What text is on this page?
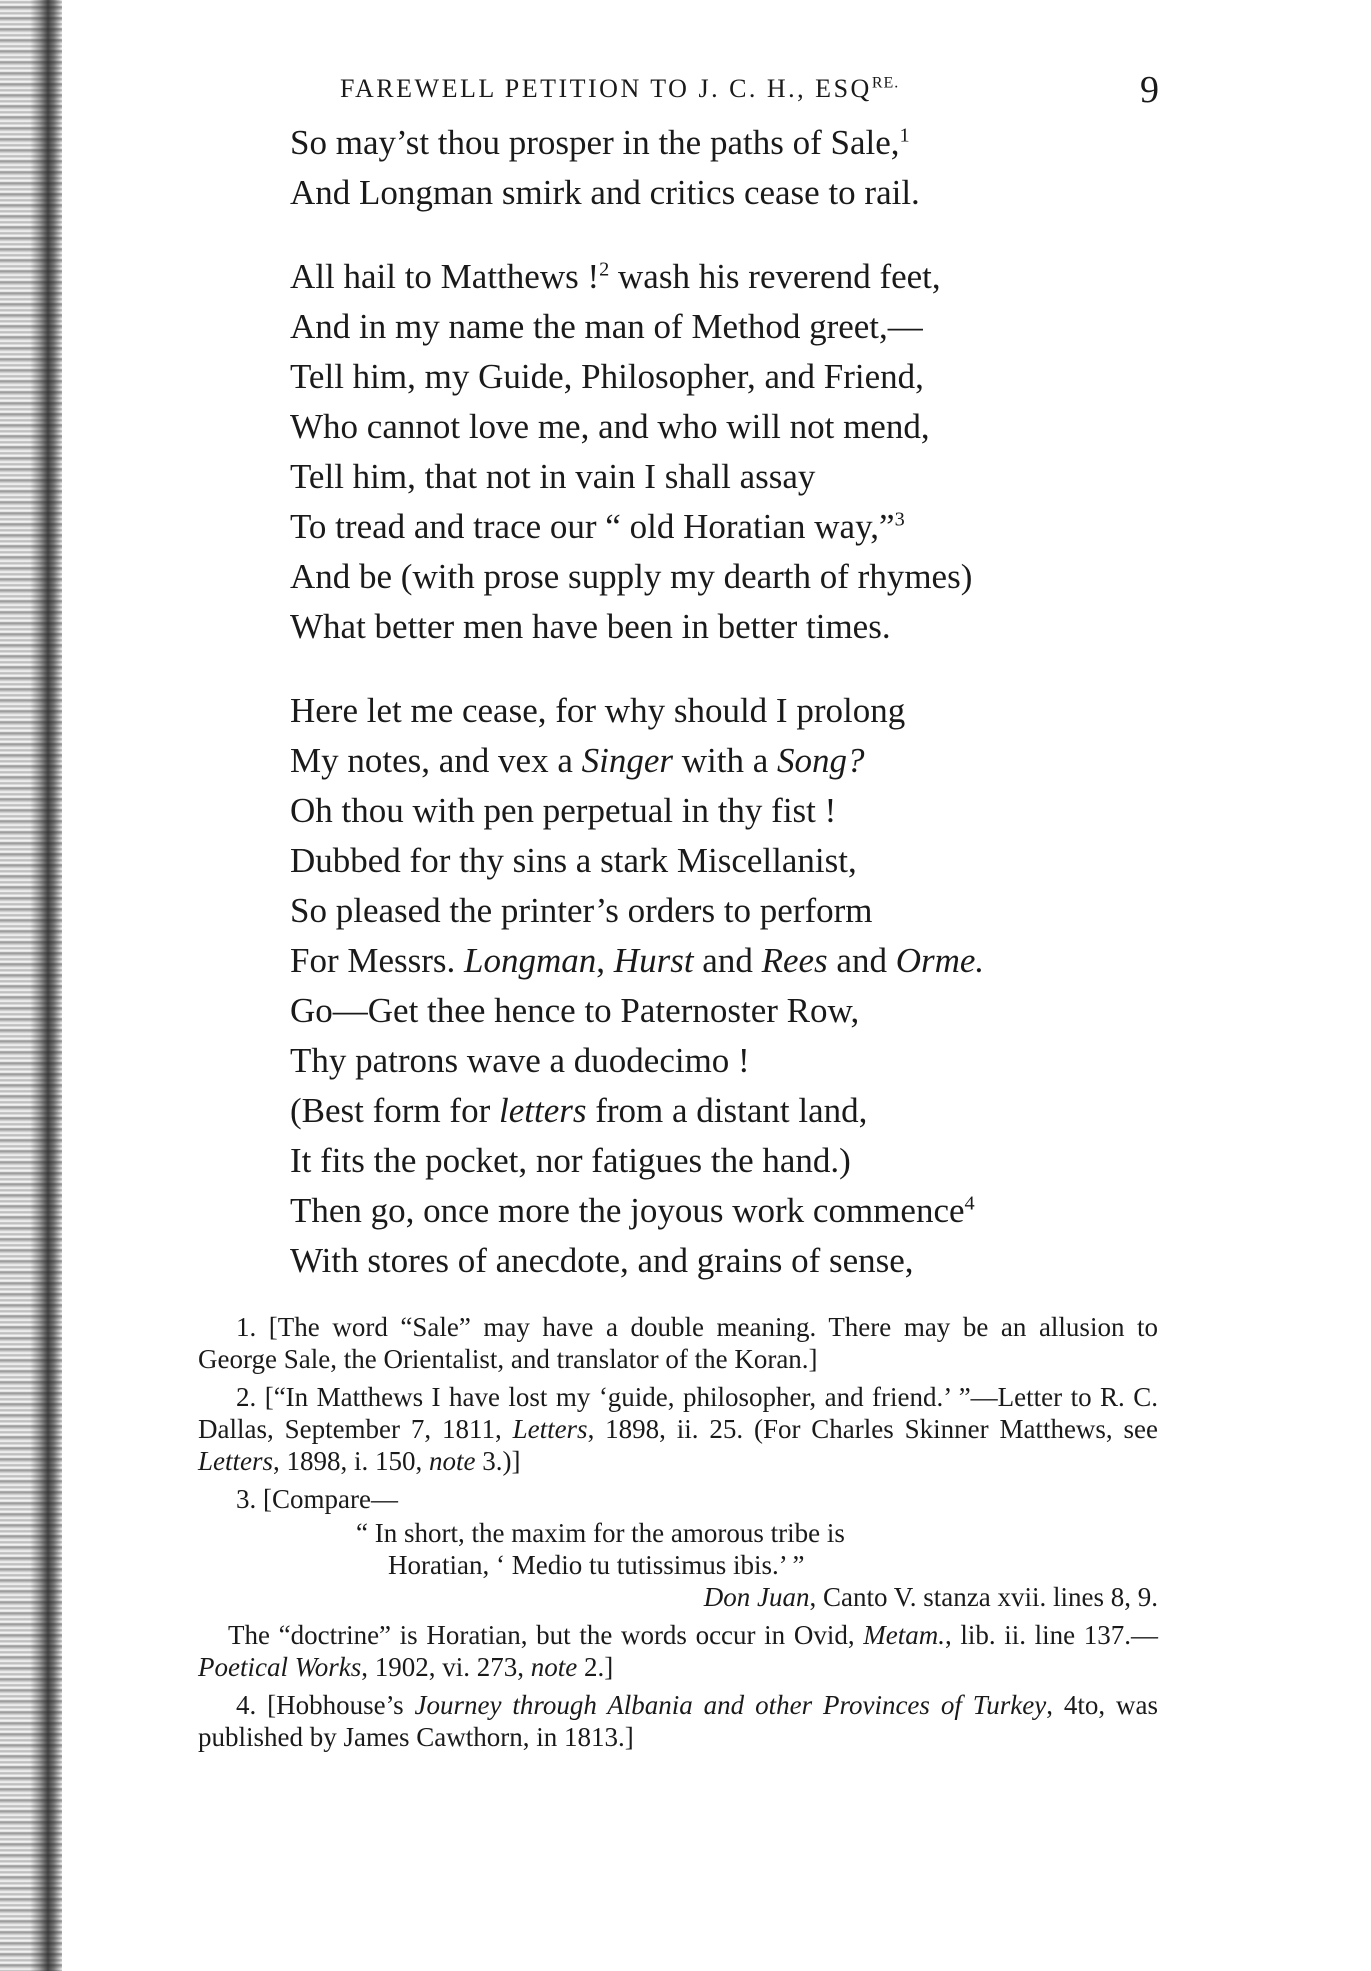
FAREWELL PETITION TO J. C. H., $ESQ^{RE.}$	9
So may’st thou prosper in the paths of Sale,$^1$
And Longman smirk and critics cease to rail.
All hail to Matthews !$^2$ wash his reverend feet,
And in my name the man of Method greet,—
Tell him, my Guide, Philosopher, and Friend,
Who cannot love me, and who will not mend,
Tell him, that not in vain I shall assay
To tread and trace our “ old Horatian way,”$^3$
And be (with prose supply my dearth of rhymes)
What better men have been in better times.
Here let me cease, for why should I prolong
My notes, and vex a Singer with a Song?
Oh thou with pen perpetual in thy fist !
Dubbed for thy sins a stark Miscellanist,
So pleased the printer’s orders to perform
For Messrs. Longman, Hurst and Rees and Orme.
Go—Get thee hence to Paternoster Row,
Thy patrons wave a duodecimo !
(Best form for letters from a distant land,
It fits the pocket, nor fatigues the hand.)
Then go, once more the joyous work commence$^4$
With stores of anecdote, and grains of sense,

1. [The word “Sale” may have a double meaning. There may be an allusion to George Sale, the Orientalist, and translator of the Koran.]

2. [“In Matthews I have lost my ‘guide, philosopher, and friend.’ ”—Letter to R. C. Dallas, September 7, 1811, Letters, 1898, ii. 25. (For Charles Skinner Matthews, see Letters, 1898, i. 150, note 3.)]

3. [Compare—

“ In short, the maxim for the amorous tribe is
Horatian, ‘ Medio tu tutissimus ibis.’ ”
Don Juan, Canto V. stanza xvii. lines 8, 9.

The “doctrine” is Horatian, but the words occur in Ovid, Metam., lib. ii. line 137.—Poetical Works, 1902, vi. 273, note 2.]

4. [Hobhouse’s Journey through Albania and other Provinces of Turkey, 4to, was published by James Cawthorn, in 1813.]
